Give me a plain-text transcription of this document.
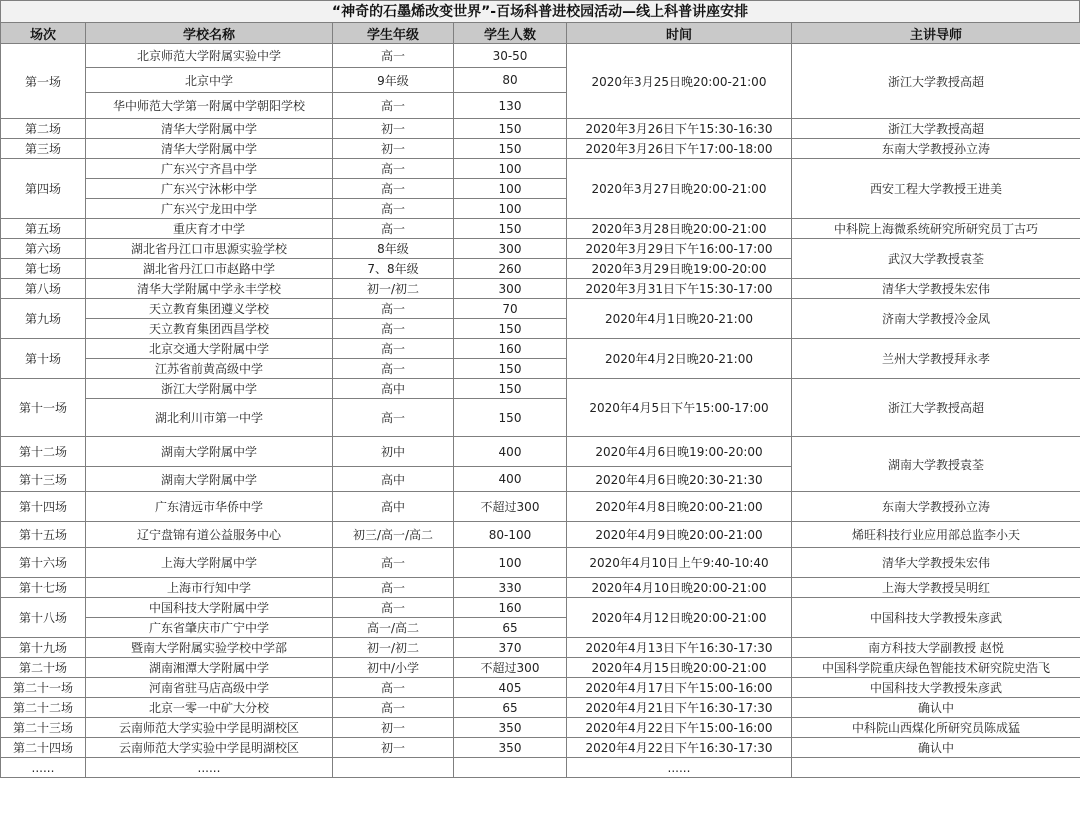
“神奇的石墨烯改变世界”-百场科普进校园活动—线上科普讲座安排
场次	学校名称	学生年级	学生人数	时间	主讲导师
第一场	北京师范大学附属实验中学	高一	30-50	2020年3月25日晚20:00-21:00	浙江大学教授高超
	北京中学	9年级	80		
	华中师范大学第一附属中学朝阳学校	高一	130		
第二场	清华大学附属中学	初一	150	2020年3月26日下午15:30-16:30	浙江大学教授高超
第三场	清华大学附属中学	初一	150	2020年3月26日下午17:00-18:00	东南大学教授孙立涛
第四场	广东兴宁齐昌中学	高一	100	2020年3月27日晚20:00-21:00	西安工程大学教授王进美
	广东兴宁沐彬中学	高一	100		
	广东兴宁龙田中学	高一	100		
第五场	重庆育才中学	高一	150	2020年3月28日晚20:00-21:00	中科院上海微系统研究所研究员丁古巧
第六场	湖北省丹江口市思源实验学校	8年级	300	2020年3月29日下午16:00-17:00	武汉大学教授袁荃
第七场	湖北省丹江口市赵路中学	7、8年级	260	2020年3月29日晚19:00-20:00	
第八场	清华大学附属中学永丰学校	初一/初二	300	2020年3月31日下午15:30-17:00	清华大学教授朱宏伟
第九场	天立教育集团遵义学校	高一	70	2020年4月1日晚20-21:00	济南大学教授冷金凤
	天立教育集团西昌学校	高一	150		
第十场	北京交通大学附属中学	高一	160	2020年4月2日晚20-21:00	兰州大学教授拜永孝
	江苏省前黄高级中学	高一	150		
第十一场	浙江大学附属中学	高中	150	2020年4月5日下午15:00-17:00	浙江大学教授高超
	湖北利川市第一中学	高一	150		
第十二场	湖南大学附属中学	初中	400	2020年4月6日晚19:00-20:00	湖南大学教授袁荃
第十三场	湖南大学附属中学	高中	400	2020年4月6日晚20:30-21:30	
第十四场	广东清远市华侨中学	高中	不超过300	2020年4月8日晚20:00-21:00	东南大学教授孙立涛
第十五场	辽宁盘锦有道公益服务中心	初三/高一/高二	80-100	2020年4月9日晚20:00-21:00	烯旺科技行业应用部总监李小天
第十六场	上海大学附属中学	高一	100	2020年4月10日上午9:40-10:40	清华大学教授朱宏伟
第十七场	上海市行知中学	高一	330	2020年4月10日晚20:00-21:00	上海大学教授吴明红
第十八场	中国科技大学附属中学	高一	160	2020年4月12日晚20:00-21:00	中国科技大学教授朱彦武
	广东省肇庆市广宁中学	高一/高二	65		
第十九场	暨南大学附属实验学校中学部	初一/初二	370	2020年4月13日下午16:30-17:30	南方科技大学副教授 赵悦
第二十场	湖南湘潭大学附属中学	初中/小学	不超过300	2020年4月15日晚20:00-21:00	中国科学院重庆绿色智能技术研究院史浩飞
第二十一场	河南省驻马店高级中学	高一	405	2020年4月17日下午15:00-16:00	中国科技大学教授朱彦武
第二十二场	北京一零一中矿大分校	高一	65	2020年4月21日下午16:30-17:30	确认中
第二十三场	云南师范大学实验中学昆明湖校区	初一	350	2020年4月22日下午15:00-16:00	中科院山西煤化所研究员陈成猛
第二十四场	云南师范大学实验中学昆明湖校区	初一	350	2020年4月22日下午16:30-17:30	确认中
......	......			......	
